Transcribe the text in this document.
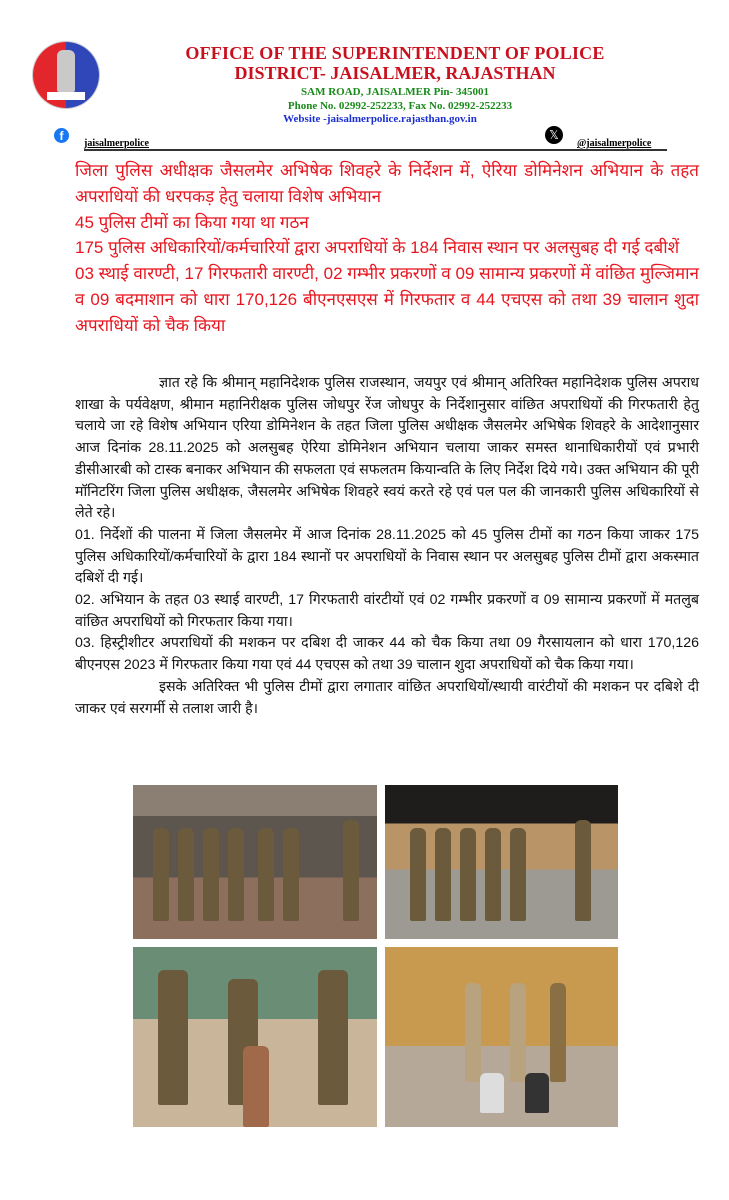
OFFICE OF THE SUPERINTENDENT OF POLICE
DISTRICT- JAISALMER, RAJASTHAN
SAM ROAD, JAISALMER Pin- 345001
Phone No. 02992-252233, Fax No. 02992-252233
Website -jaisalmerpolice.rajasthan.gov.in
f
jaisalmerpolice
𝕏
@jaisalmerpolice
जिला पुलिस अधीक्षक जैसलमेर अभिषेक शिवहरे के निर्देशन में, ऐरिया डोमिनेशन अभियान के तहत अपराधियों की धरपकड़ हेतु चलाया विशेष अभियान
45 पुलिस टीमों का किया गया था गठन
175 पुलिस अधिकारियों/कर्मचारियों द्वारा अपराधियों के 184 निवास स्थान पर अलसुबह दी गई दबीशें
03 स्थाई वारण्टी, 17 गिरफतारी वारण्टी, 02 गम्भीर प्रकरणों व 09 सामान्य प्रकरणों में वांछित मुल्जिमान व 09 बदमाशान को धारा 170,126 बीएनएसएस में गिरफतार व 44 एचएस को तथा 39 चालान शुदा अपराधियों को चैक किया

ज्ञात रहे कि श्रीमान् महानिदेशक पुलिस राजस्थान, जयपुर एवं श्रीमान् अतिरिक्त महानिदेशक पुलिस अपराध शाखा के पर्यवेक्षण, श्रीमान महानिरीक्षक पुलिस जोधपुर रेंज जोधपुर के निर्देशानुसार वांछित अपराधियों की गिरफतारी हेतु चलाये जा रहे विशेष अभियान एरिया डोमिनेशन के तहत जिला पुलिस अधीक्षक जैसलमेर अभिषेक शिवहरे के आदेशानुसार आज दिनांक 28.11.2025 को अलसुबह ऐरिया डोमिनेशन अभियान चलाया जाकर समस्त थानाधिकारीयों एवं प्रभारी डीसीआरबी को टास्क बनाकर अभियान की सफलता एवं सफलतम कियान्वति के लिए निर्देश दिये गये। उक्त अभियान की पूरी मॉनिटरिंग जिला पुलिस अधीक्षक, जैसलमेर अभिषेक शिवहरे स्वयं करते रहे एवं पल पल की जानकारी पुलिस अधिकारियों से लेते रहे।

01. निर्देशों की पालना में जिला जैसलमेर में आज दिनांक 28.11.2025 को 45 पुलिस टीमों का गठन किया जाकर 175 पुलिस अधिकारियों/कर्मचारियों के द्वारा 184 स्थानों पर अपराधियों के निवास स्थान पर अलसुबह पुलिस टीमों द्वारा अकस्मात दबिशें दी गई।

02. अभियान के तहत 03 स्थाई वारण्टी, 17 गिरफतारी वांरटीयों एवं 02 गम्भीर प्रकरणों व 09 सामान्य प्रकरणों में मतलुब वांछित अपराधियों को गिरफतार किया गया।

03. हिस्ट्रीशीटर अपराधियों की मशकन पर दबिश दी जाकर 44 को चैक किया तथा 09 गैरसायलान को धारा 170,126 बीएनएस 2023 में गिरफतार किया गया एवं 44 एचएस को तथा 39 चालान शुदा अपराधियों को चैक किया गया।

इसके अतिरिक्त भी पुलिस टीमों द्वारा लगातार वांछित अपराधियों/स्थायी वारंटीयों की मशकन पर दबिशे दी जाकर एवं सरगर्मी से तलाश जारी है।
